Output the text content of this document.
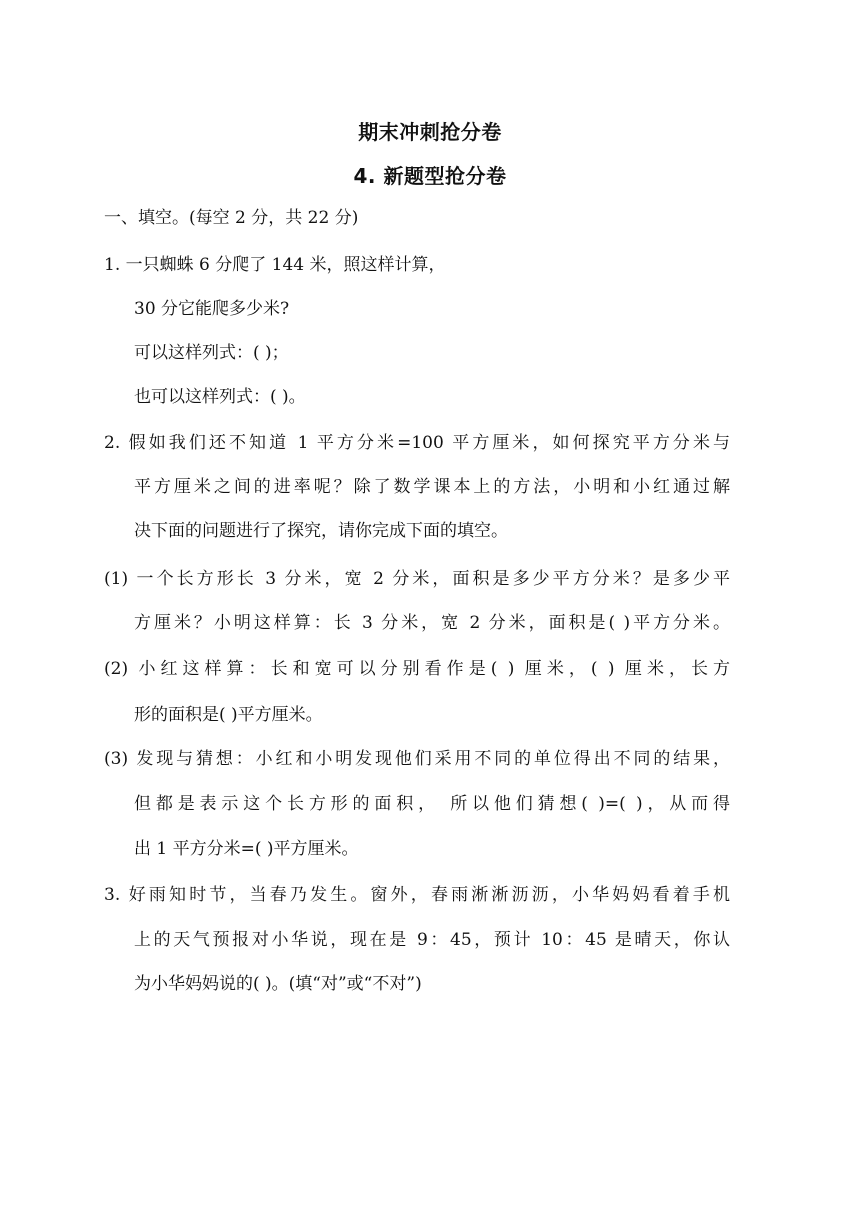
期末冲刺抢分卷
4. 新题型抢分卷
一、填空。(每空 2 分，共 22 分)
1. 一只蜘蛛 6 分爬了 144 米，照这样计算，
30 分它能爬多少米?
可以这样列式：( )；
也可以这样列式：( )。
2. 假如我们还不知道 1 平方分米=100 平方厘米，如何探究平方分米与
平方厘米之间的进率呢？除了数学课本上的方法，小明和小红通过解
决下面的问题进行了探究，请你完成下面的填空。
(1) 一个长方形长 3 分米，宽 2 分米，面积是多少平方分米？是多少平
方厘米？小明这样算：长 3 分米，宽 2 分米，面积是( )平方分米。
(2) 小红这样算：长和宽可以分别看作是( ) 厘米，( ) 厘米，长方
形的面积是( )平方厘米。
(3) 发现与猜想：小红和小明发现他们采用不同的单位得出不同的结果，
但都是表示这个长方形的面积， 所以他们猜想( )=( )，从而得
出 1 平方分米=( )平方厘米。
3. 好雨知时节，当春乃发生。窗外，春雨淅淅沥沥，小华妈妈看着手机
上的天气预报对小华说，现在是 9：45，预计 10：45 是晴天，你认
为小华妈妈说的( )。(填“对”或“不对”)
